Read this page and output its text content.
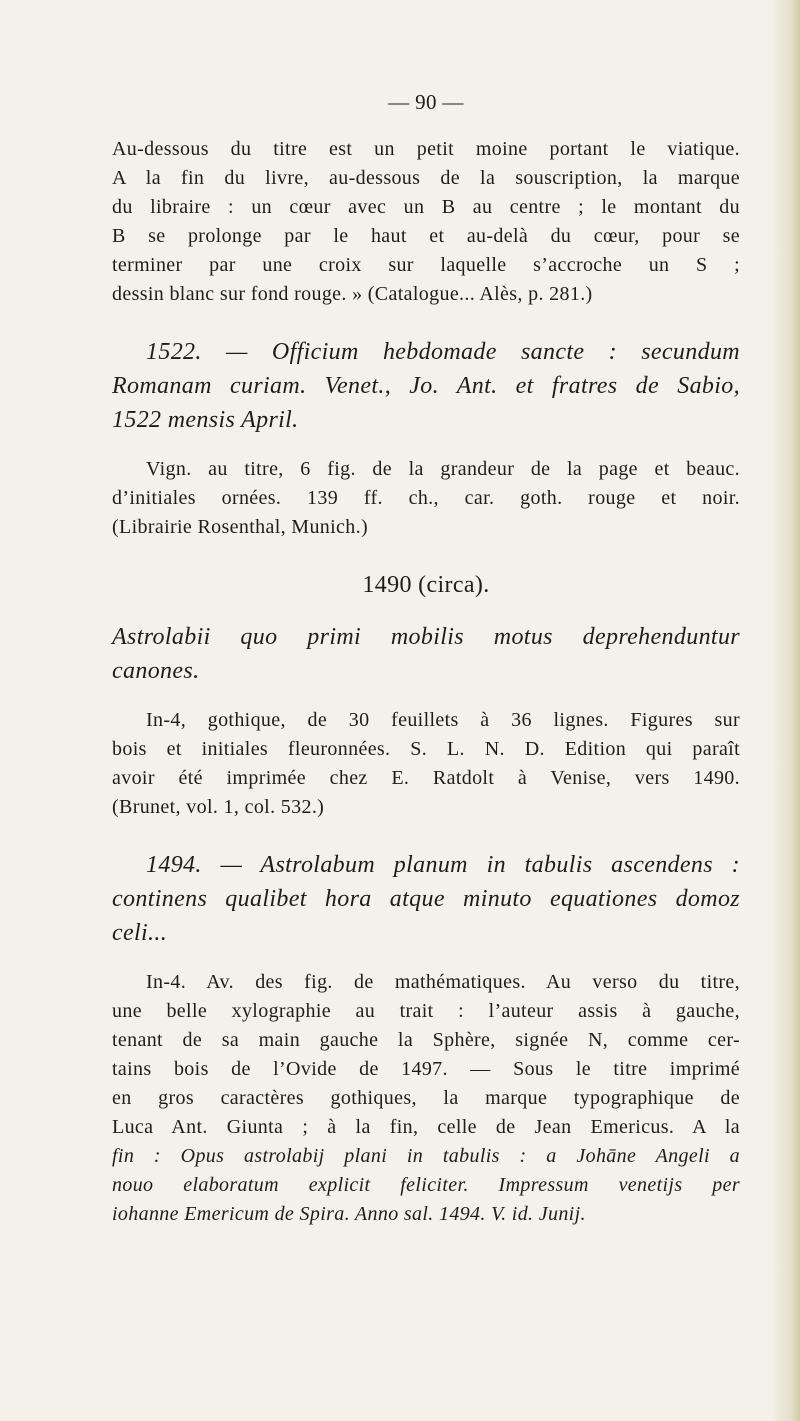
— 90 —

Au-dessous du titre est un petit moine portant le viatique.
A la fin du livre, au-dessous de la souscription, la marque
du libraire : un cœur avec un B au centre ; le montant du
B se prolonge par le haut et au-delà du cœur, pour se
terminer par une croix sur laquelle s’accroche un S ;
dessin blanc sur fond rouge. » (Catalogue... Alès, p. 281.)

1522. — Officium hebdomade sancte : secundum
Romanam curiam. Venet., Jo. Ant. et fratres de Sabio,
1522 mensis April.

Vign. au titre, 6 fig. de la grandeur de la page et beauc.
d’initiales ornées. 139 ff. ch., car. goth. rouge et noir.
(Librairie Rosenthal, Munich.)

1490 (circa).

Astrolabii quo primi mobilis motus deprehenduntur
canones.

In-4, gothique, de 30 feuillets à 36 lignes. Figures sur
bois et initiales fleuronnées. S. L. N. D. Edition qui paraît
avoir été imprimée chez E. Ratdolt à Venise, vers 1490.
(Brunet, vol. 1, col. 532.)

1494. — Astrolabum planum in tabulis ascendens :
continens qualibet hora atque minuto equationes domoz
celi...

In-4. Av. des fig. de mathématiques. Au verso du titre,
une belle xylographie au trait : l’auteur assis à gauche,
tenant de sa main gauche la Sphère, signée N, comme cer-
tains bois de l’Ovide de 1497. — Sous le titre imprimé
en gros caractères gothiques, la marque typographique de
Luca Ant. Giunta ; à la fin, celle de Jean Emericus. A la
fin : Opus astrolabij plani in tabulis : a Johāne Angeli a
nouo elaboratum explicit feliciter. Impressum venetijs per
iohanne Emericum de Spira. Anno sal. 1494. V. id. Junij.
